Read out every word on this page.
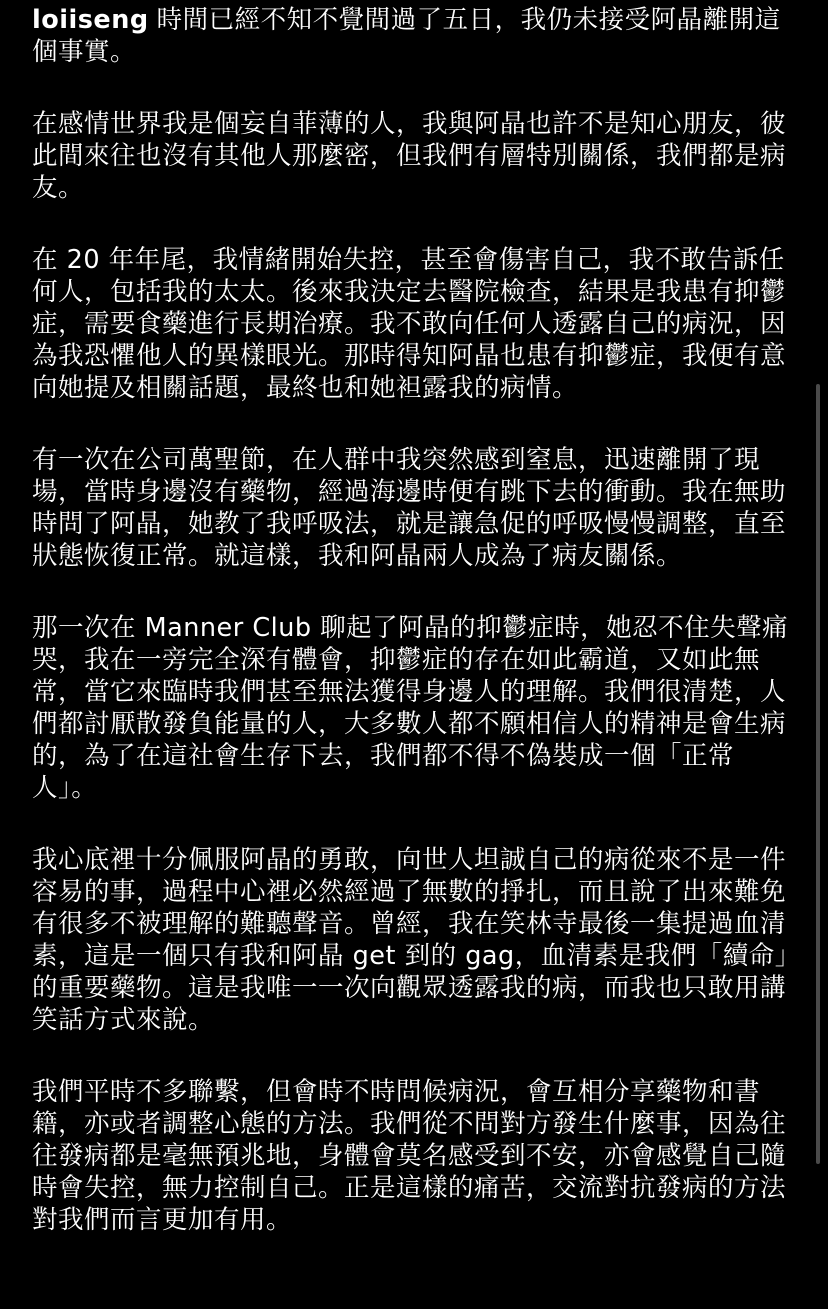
loiiseng 時間已經不知不覺間過了五日，我仍未接受阿晶離開這個事實。

在感情世界我是個妄自菲薄的人，我與阿晶也許不是知心朋友，彼此間來往也沒有其他人那麼密，但我們有層特別關係，我們都是病友。

在 20 年年尾，我情緒開始失控，甚至會傷害自己，我不敢告訴任何人，包括我的太太。後來我決定去醫院檢查，結果是我患有抑鬱症，需要食藥進行長期治療。我不敢向任何人透露自己的病況，因為我恐懼他人的異樣眼光。那時得知阿晶也患有抑鬱症，我便有意向她提及相關話題，最終也和她袒露我的病情。

有一次在公司萬聖節，在人群中我突然感到窒息，迅速離開了現場，當時身邊沒有藥物，經過海邊時便有跳下去的衝動。我在無助時問了阿晶，她教了我呼吸法，就是讓急促的呼吸慢慢調整，直至狀態恢復正常。就這樣，我和阿晶兩人成為了病友關係。

那一次在 Manner Club 聊起了阿晶的抑鬱症時，她忍不住失聲痛哭，我在一旁完全深有體會，抑鬱症的存在如此霸道，又如此無常，當它來臨時我們甚至無法獲得身邊人的理解。我們很清楚，人們都討厭散發負能量的人，大多數人都不願相信人的精神是會生病的，為了在這社會生存下去，我們都不得不偽裝成一個「正常人」。

我心底裡十分佩服阿晶的勇敢，向世人坦誠自己的病從來不是一件容易的事，過程中心裡必然經過了無數的掙扎，而且說了出來難免有很多不被理解的難聽聲音。曾經，我在笑林寺最後一集提過血清素，這是一個只有我和阿晶 get 到的 gag，血清素是我們「續命」的重要藥物。這是我唯一一次向觀眾透露我的病，而我也只敢用講笑話方式來說。

我們平時不多聯繫，但會時不時問候病況，會互相分享藥物和書籍，亦或者調整心態的方法。我們從不問對方發生什麼事，因為往往發病都是毫無預兆地，身體會莫名感受到不安，亦會感覺自己隨時會失控，無力控制自己。正是這樣的痛苦，交流對抗發病的方法對我們而言更加有用。
